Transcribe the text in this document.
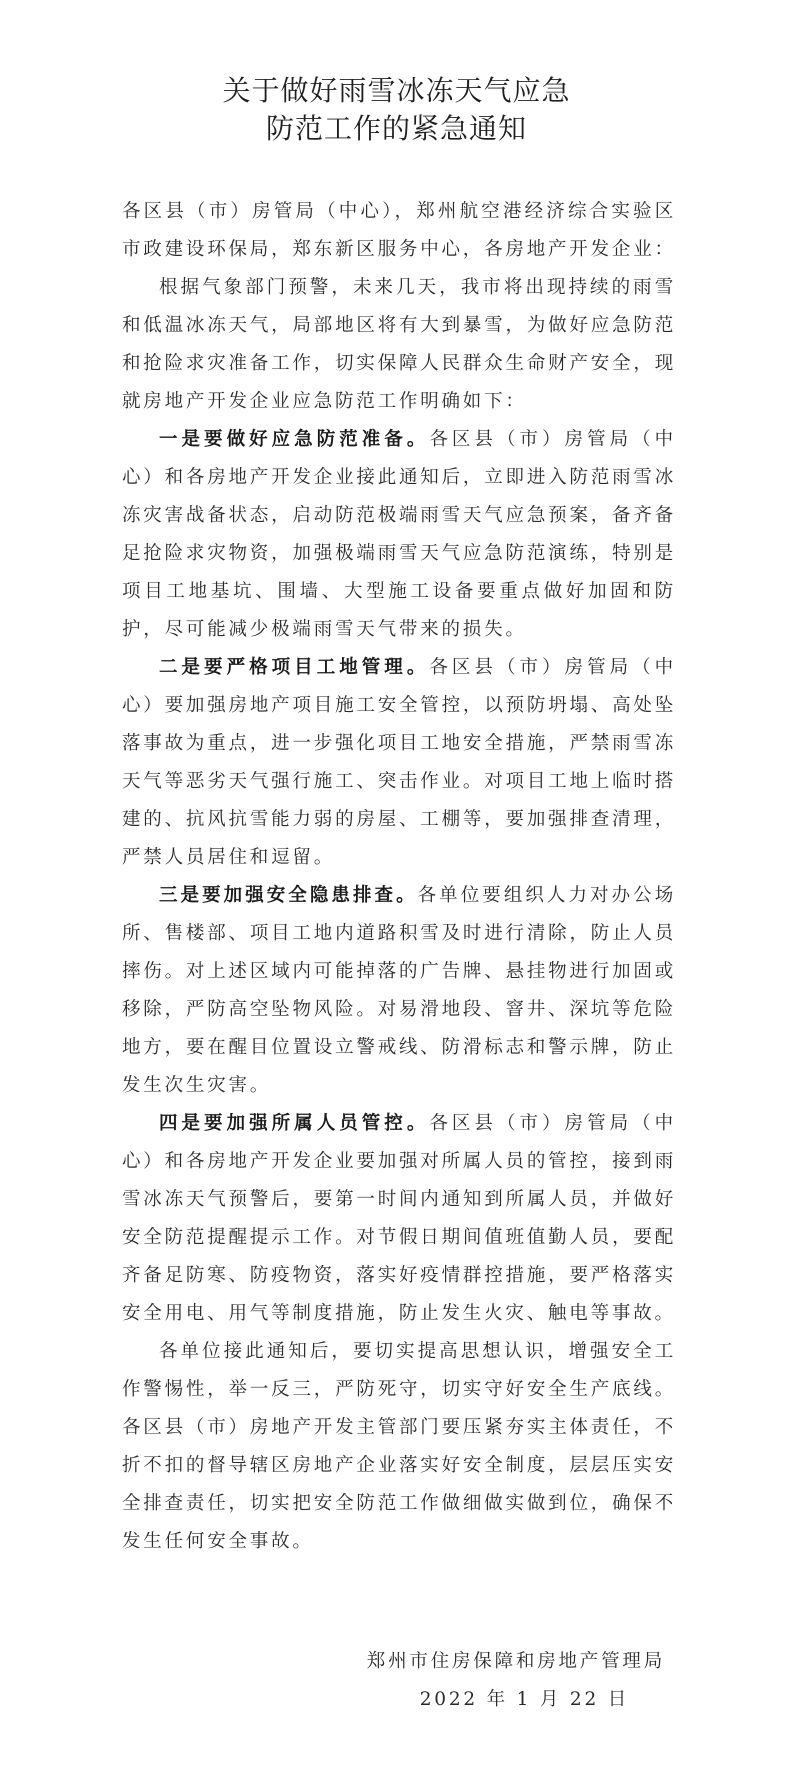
关于做好雨雪冰冻天气应急
防范工作的紧急通知

各区县（市）房管局（中心），郑州航空港经济综合实验区市政建设环保局，郑东新区服务中心，各房地产开发企业：

根据气象部门预警，未来几天，我市将出现持续的雨雪和低温冰冻天气，局部地区将有大到暴雪，为做好应急防范和抢险求灾准备工作，切实保障人民群众生命财产安全，现就房地产开发企业应急防范工作明确如下：

一是要做好应急防范准备。各区县（市）房管局（中心）和各房地产开发企业接此通知后，立即进入防范雨雪冰冻灾害战备状态，启动防范极端雨雪天气应急预案，备齐备足抢险求灾物资，加强极端雨雪天气应急防范演练，特别是项目工地基坑、围墙、大型施工设备要重点做好加固和防护，尽可能减少极端雨雪天气带来的损失。

二是要严格项目工地管理。各区县（市）房管局（中心）要加强房地产项目施工安全管控，以预防坍塌、高处坠落事故为重点，进一步强化项目工地安全措施，严禁雨雪冻天气等恶劣天气强行施工、突击作业。对项目工地上临时搭建的、抗风抗雪能力弱的房屋、工棚等，要加强排查清理，严禁人员居住和逗留。

三是要加强安全隐患排查。各单位要组织人力对办公场所、售楼部、项目工地内道路积雪及时进行清除，防止人员摔伤。对上述区域内可能掉落的广告牌、悬挂物进行加固或移除，严防高空坠物风险。对易滑地段、窨井、深坑等危险地方，要在醒目位置设立警戒线、防滑标志和警示牌，防止发生次生灾害。

四是要加强所属人员管控。各区县（市）房管局（中心）和各房地产开发企业要加强对所属人员的管控，接到雨雪冰冻天气预警后，要第一时间内通知到所属人员，并做好安全防范提醒提示工作。对节假日期间值班值勤人员，要配齐备足防寒、防疫物资，落实好疫情群控措施，要严格落实安全用电、用气等制度措施，防止发生火灾、触电等事故。

各单位接此通知后，要切实提高思想认识，增强安全工作警惕性，举一反三，严防死守，切实守好安全生产底线。各区县（市）房地产开发主管部门要压紧夯实主体责任，不折不扣的督导辖区房地产企业落实好安全制度，层层压实安全排查责任，切实把安全防范工作做细做实做到位，确保不发生任何安全事故。

郑州市住房保障和房地产管理局
2022 年 1 月 22 日
